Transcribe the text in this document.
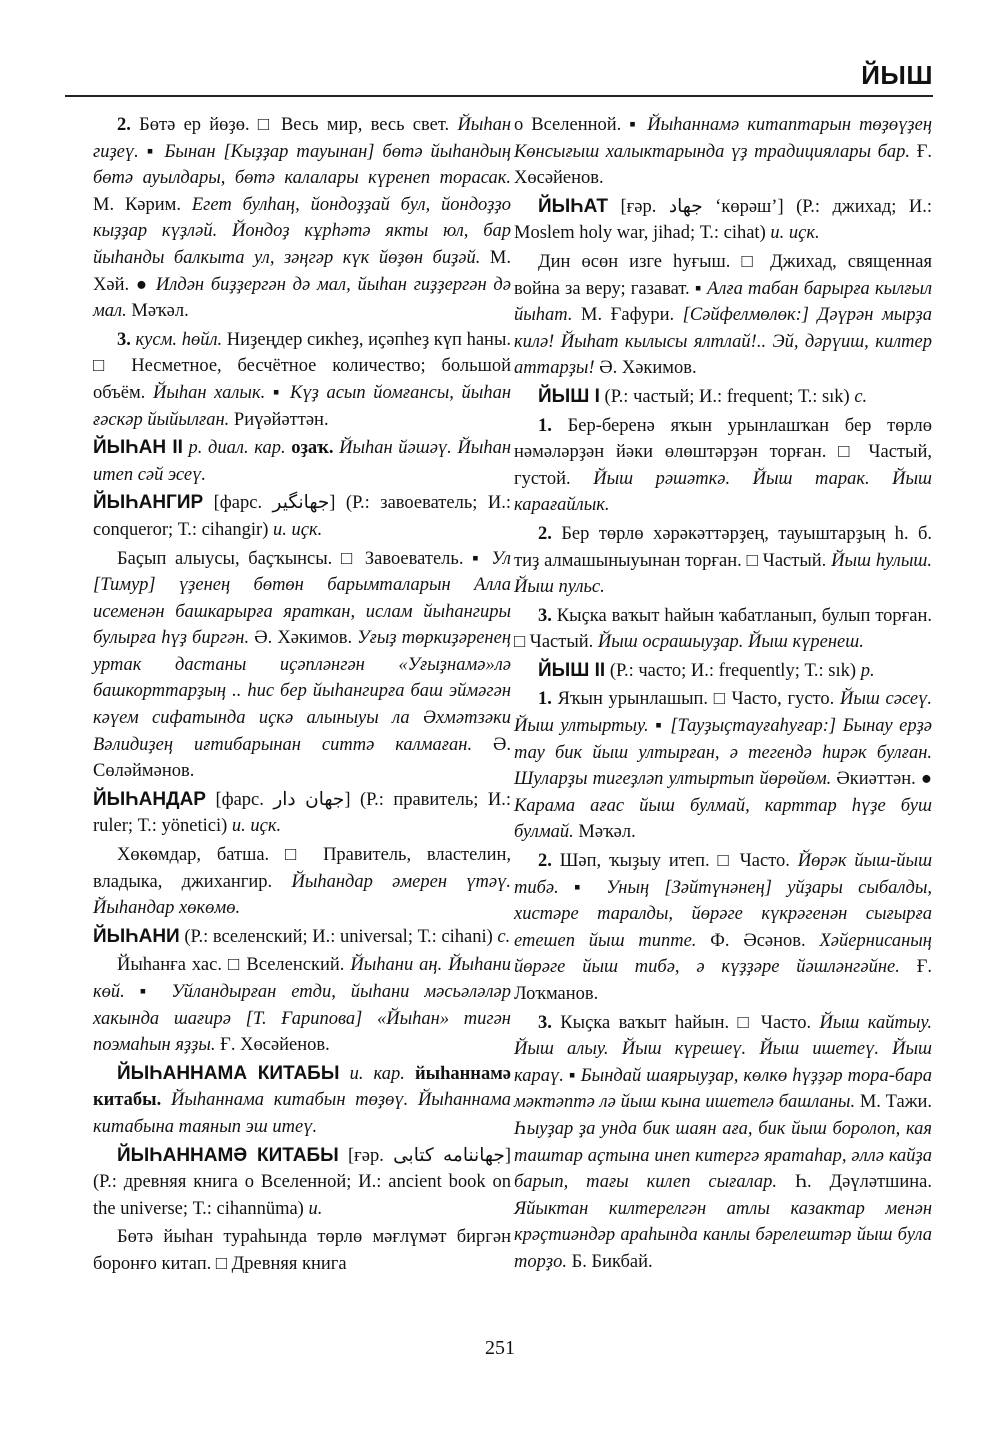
ЙЫШ

2. Бөтә ер йөҙө. □ Весь мир, весь свет. Йыһан гиҙеү. ▪ Бынан [Кыҙҙар тауынан] бөтә йыһандың бөтә ауылдары, бөтә калалары күренеп торасак. М. Кәрим. Егет булһаң, йондоҙҙай бул, йондоҙҙо кыҙҙар күҙләй. Йондоҙ кұрһәтә якты юл, бар йыһанды балкыта ул, зәңгәр күк йөҙөн биҙәй. М. Хәй. ● Илдән биҙҙергән дә мал, йыһан гиҙҙергән дә мал. Мәҡәл.

3. кусм. һөйл. Ниҙеңдер сикһеҙ, иҫәпһеҙ күп һаны. □ Несметное, бесчётное количество; большой объём. Йыһан халык. ▪ Күҙ асып йомғансы, йыһан ғәскәр йыйылған. Риүәйәттән.

ЙЫҺАН II р. диал. кар. оҙаҡ. Йыһан йәшәү. Йыһан итеп сәй эсеү.

ЙЫҺАНГИР [фарс. جهانگير] (Р.: завоеватель; И.: conqueror; Т.: cihangir) и. иҫк.

Баҫып алыусы, баҫҡынсы. □ Завоеватель. ▪ Ул [Тимур] үҙенең бөтөн барымталарын Алла исеменән башкарырға яраткан, ислам йыһангиры булырға һүҙ биргән. Ә. Хәкимов. Уғыҙ төркиҙәренең уртак дастаны иҫәпләнгән «Уғыҙнамә»лә башкорттарҙың .. һис бер йыһангирға баш эймәгән кәүем сифатында иҫкә алыныуы ла Әхмәтзәки Вәлидиҙең иғтибарынан ситтә калмаған. Ә. Сөләймәнов.

ЙЫҺАНДАР [фарс. جهان دار] (Р.: правитель; И.: ruler; Т.: yönetici) и. иҫк.

Хөкөмдар, батша. □ Правитель, властелин, владыка, джихангир. Йыһандар әмерен үтәү. Йыһандар хөкөмө.

ЙЫҺАНИ (Р.: вселенский; И.: universal; Т.: cihani) с.

Йыһанға хас. □ Вселенский. Йыһани аң. Йыһани көй. ▪ Уйландырған етди, йыһани мәсьәләләр хакында шағирә [Т. Ғарипова] «Йыһан» тигән поэмаһын яҙҙы. Ғ. Хөсәйенов.

ЙЫҺАННАМА КИТАБЫ и. кар. йыһаннамә китабы. Йыһаннама китабын төҙөү. Йыһаннама китабына таянып эш итеү.

ЙЫҺАННАМӘ КИТАБЫ [ғәр. جهاننامه كتابى] (Р.: древняя книга о Вселенной; И.: ancient book on the universe; Т.: cihannüma) и.

Бөтә йыһан тураһында төрлө мәғлүмәт биргән боронғо китап. □ Древняя книга

о Вселенной. ▪ Йыһаннамә китаптарын төҙөүҙең Көнсығыш халыктарында үҙ традициялары бар. Ғ. Хөсәйенов.

ЙЫҺАТ [ғәр. جهاد ‘көрәш’] (Р.: джихад; И.: Moslem holy war, jihad; Т.: cihat) и. иҫк.

Дин өсөн изге һуғыш. □ Джихад, священная война за веру; газават. ▪ Алға табан барырға кылғыл йыһат. М. Ғафури. [Сәйфелмөлөк:] Дәүрән мырҙа килә! Йыһат кылысы ялтлай!.. Эй, дәрүиш, килтер аттарҙы! Ә. Хәкимов.

ЙЫШ I (Р.: частый; И.: frequent; Т.: sık) с.

1. Бер-беренә яҡын урынлашҡан бер төрлө нәмәләрҙән йәки өлөштәрҙән торған. □ Частый, густой. Йыш рәшәткә. Йыш тарак. Йыш карағайлык.

2. Бер төрлө хәрәкәттәрҙең, тауыштарҙың һ. б. тиҙ алмашыныуынан торған. □ Частый. Йыш һулыш. Йыш пульс.

3. Кыҫка ваҡыт һайын ҡабатланып, булып торған. □ Частый. Йыш осрашыуҙар. Йыш күренеш.

ЙЫШ II (Р.: часто; И.: frequently; Т.: sık) р.

1. Яҡын урынлашып. □ Часто, густо. Йыш сәсеү. Йыш ултыртыу. ▪ [Тауҙыҫтауғаһуғар:] Бынау ерҙә тау бик йыш ултырған, ә тегендә һирәк булған. Шуларҙы тигеҙләп ултыртып йөрөйөм. Әкиәттән. ● Карама ағас йыш булмай, карттар һүҙе буш булмай. Мәҡәл.

2. Шәп, ҡыҙыу итеп. □ Часто. Йөрәк йыш-йыш тибә. ▪ Уның [Зәйтүнәнең] уйҙары сыбалды, хистәре таралды, йөрәге күкрәгенән сығырға етешеп йыш типте. Ф. Әсәнов. Хәйернисаның йөрәге йыш тибә, ә күҙҙәре йәшләнгәйне. Ғ. Лоҡманов.

3. Кыҫка ваҡыт һайын. □ Часто. Йыш кайтыу. Йыш алыу. Йыш күрешеү. Йыш ишетеү. Йыш караү. ▪ Бындай шаярыуҙар, көлкө һүҙҙәр тора-бара мәктәптә лә йыш кына ишетелә башланы. М. Тажи. Һыуҙар ҙа унда бик шаян аға, бик йыш боролоп, кая таштар аҫтына инеп китергә яратаһар, әллә кайҙа барып, тағы килеп сығалар. Һ. Дәүләтшина. Яйыктан килтерелгән атлы казактар менән крәҫтиәндәр араһында канлы бәрелештәр йыш була торҙо. Б. Бикбай.

251
